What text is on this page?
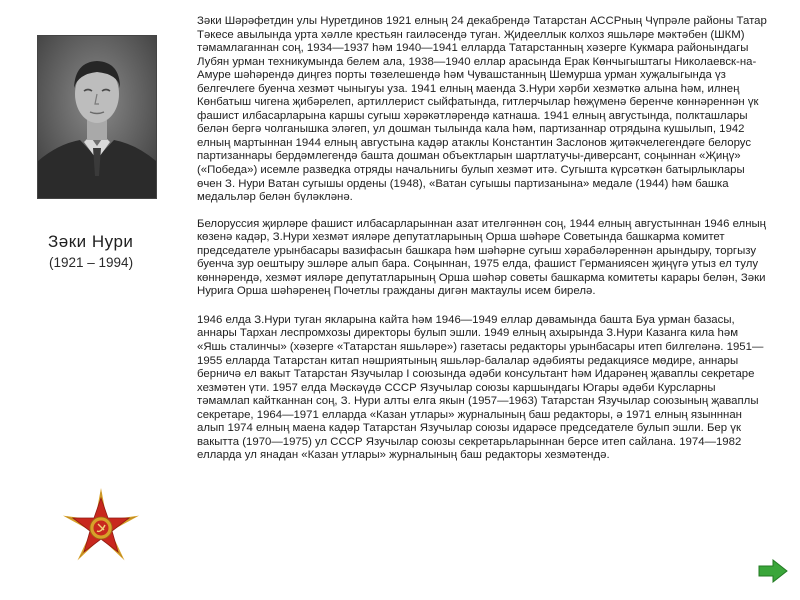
Зәки Нури
(1921 – 1994)

Зәки Шәрәфетдин улы Нуретдинов 1921 елның 24 декабрендә Татарстан АССРның Чүпрәле районы Татар Тәкесе авылында урта хәлле крестьян гаиләсендә туган. Җидееллык колхоз яшьләре мәктәбен (ШКМ) тәмамлаганнан соң, 1934—1937 һәм 1940—1941 елларда Татарстанның хәзерге Кукмара районындагы Лубян урман техникумында белем ала, 1938—1940 еллар арасында Ерак Көнчыгыштагы Николаевск-на-Амуре шәһәрендә диңгез порты төзелешендә һәм Чувашстанның Шемурша урман хуҗалыгында үз белгечлеге буенча хезмәт чыныгуы уза. 1941 елның маенда З.Нури хәрби хезмәткә алына һәм, илнең Көнбатыш чигена җибәрелеп, артиллерист сыйфатында, гитлерчылар һөҗүменә беренче көннәреннән үк фашист илбасарларына каршы сугыш хәрәкәтләрендә катнаша. 1941 елның августында, полкташлары белән бергә чолганышка эләгеп, ул дошман тылында кала һәм, партизаннар отрядына кушылып, 1942 елның мартыннан 1944 елның августына кадәр атаклы Константин Заслонов җитәкчелегендәге белорус партизаннары бердәмлегендә башта дошман объектларын шартлатучы-диверсант, соңыннан «Җиңү» («Победа») исемле разведка отряды начальнигы булып хезмәт итә. Сугышта күрсәткән батырлыклары өчен З. Нури Ватан сугышы ордены (1948), «Ватан сугышы партизанына» медале (1944) һәм башка медальләр белән бүләкләнә.

Белоруссия җирләре фашист илбасарларыннан азат ителгәннән соң, 1944 елның августыннан 1946 елның көзенә кадәр, З.Нури хезмәт ияләре депутатларының Орша шәһәре Советында башкарма комитет председателе урынбасары вазифасын башкара һәм шәһәрне сугыш хәрабәләреннән арындыру, торгызу буенча зур оештыру эшләре алып бара. Соңыннан, 1975 елда, фашист Германиясен җиңүгә утыз ел тулу көннәрендә, хезмәт ияләре депутатларының Орша шәһәр советы башкарма комитеты карары белән, Зәки Нурига Орша шәһәренең Почетлы гражданы дигән мактаулы исем бирелә.

1946 елда З.Нури туган якларына кайта һәм 1946—1949 еллар дәвамында башта Буа урман базасы, аннары Тархан леспромхозы директоры булып эшли. 1949 елның ахырында З.Нури Казанга кила һәм «Яшь сталинчы» (хәзерге «Татарстан яшьләре») газетасы редакторы урынбасары итеп билгеләнә. 1951—1955 елларда Татарстан китап нәшриятының яшьләр-балалар әдәбияты редакциясе мөдире, аннары берничә ел вакыт Татарстан Язучылар I союзында әдәби консультант һәм Идарәнең җаваплы секретаре хезмәтен үти. 1957 елда Мәскәүдә СССР Язучылар союзы каршындагы Югары әдәби Курсларны тәмамлап кайтканнан соң, З. Нури алты елга якын (1957—1963) Татарстан Язучылар союзының җаваплы секретаре, 1964—1971 елларда «Казан утлары» журналының баш редакторы, ә 1971 елның язынннан алып 1974 елның маена кадәр Татарстан Язучылар союзы идарәсе председателе булып эшли. Бер үк вакытта (1970—1975) ул СССР Язучылар союзы секретарьларыннан берсе итеп сайлана. 1974—1982 елларда ул янадан «Казан утлары» журналының баш редакторы хезмәтендә.
